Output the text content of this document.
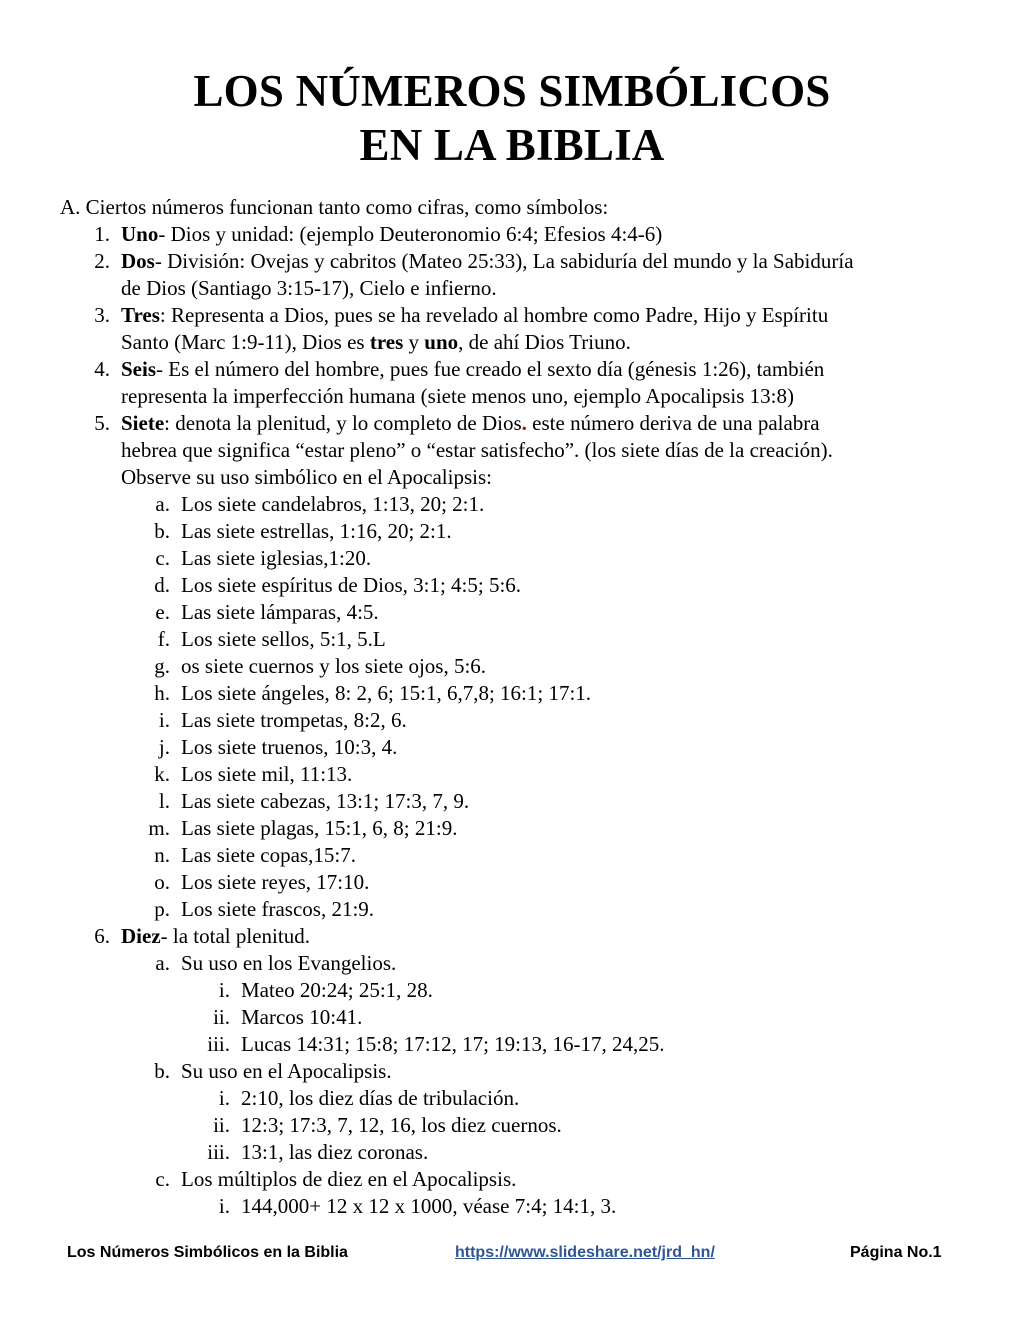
LOS NÚMEROS SIMBÓLICOS
EN LA BIBLIA
A. Ciertos números funcionan tanto como cifras, como símbolos:
1. Uno- Dios y unidad: (ejemplo Deuteronomio 6:4; Efesios 4:4-6)
2. Dos- División: Ovejas y cabritos (Mateo 25:33), La sabiduría del mundo y la Sabiduría
de Dios (Santiago 3:15-17), Cielo e infierno.
3. Tres: Representa a Dios, pues se ha revelado al hombre como Padre, Hijo y Espíritu
Santo (Marc 1:9-11), Dios es tres y uno, de ahí Dios Triuno.
4. Seis- Es el número del hombre, pues fue creado el sexto día (génesis 1:26), también
representa la imperfección humana (siete menos uno, ejemplo Apocalipsis 13:8)
5. Siete: denota la plenitud, y lo completo de Dios. este número deriva de una palabra
hebrea que significa “estar pleno” o “estar satisfecho”. (los siete días de la creación).
Observe su uso simbólico en el Apocalipsis:
a. Los siete candelabros, 1:13, 20; 2:1.
b. Las siete estrellas, 1:16, 20; 2:1.
c. Las siete iglesias,1:20.
d. Los siete espíritus de Dios, 3:1; 4:5; 5:6.
e. Las siete lámparas, 4:5.
f. Los siete sellos, 5:1, 5.L
g. os siete cuernos y los siete ojos, 5:6.
h. Los siete ángeles, 8: 2, 6; 15:1, 6,7,8; 16:1; 17:1.
i. Las siete trompetas, 8:2, 6.
j. Los siete truenos, 10:3, 4.
k. Los siete mil, 11:13.
l. Las siete cabezas, 13:1; 17:3, 7, 9.
m. Las siete plagas, 15:1, 6, 8; 21:9.
n. Las siete copas,15:7.
o. Los siete reyes, 17:10.
p. Los siete frascos, 21:9.
6. Diez- la total plenitud.
a. Su uso en los Evangelios.
i. Mateo 20:24; 25:1, 28.
ii. Marcos 10:41.
iii. Lucas 14:31; 15:8; 17:12, 17; 19:13, 16-17, 24,25.
b. Su uso en el Apocalipsis.
i. 2:10, los diez días de tribulación.
ii. 12:3; 17:3, 7, 12, 16, los diez cuernos.
iii. 13:1, las diez coronas.
c. Los múltiplos de diez en el Apocalipsis.
i. 144,000+ 12 x 12 x 1000, véase 7:4; 14:1, 3.
Los Números Simbólicos en la Biblia	https://www.slideshare.net/jrd_hn/	Página No.1
